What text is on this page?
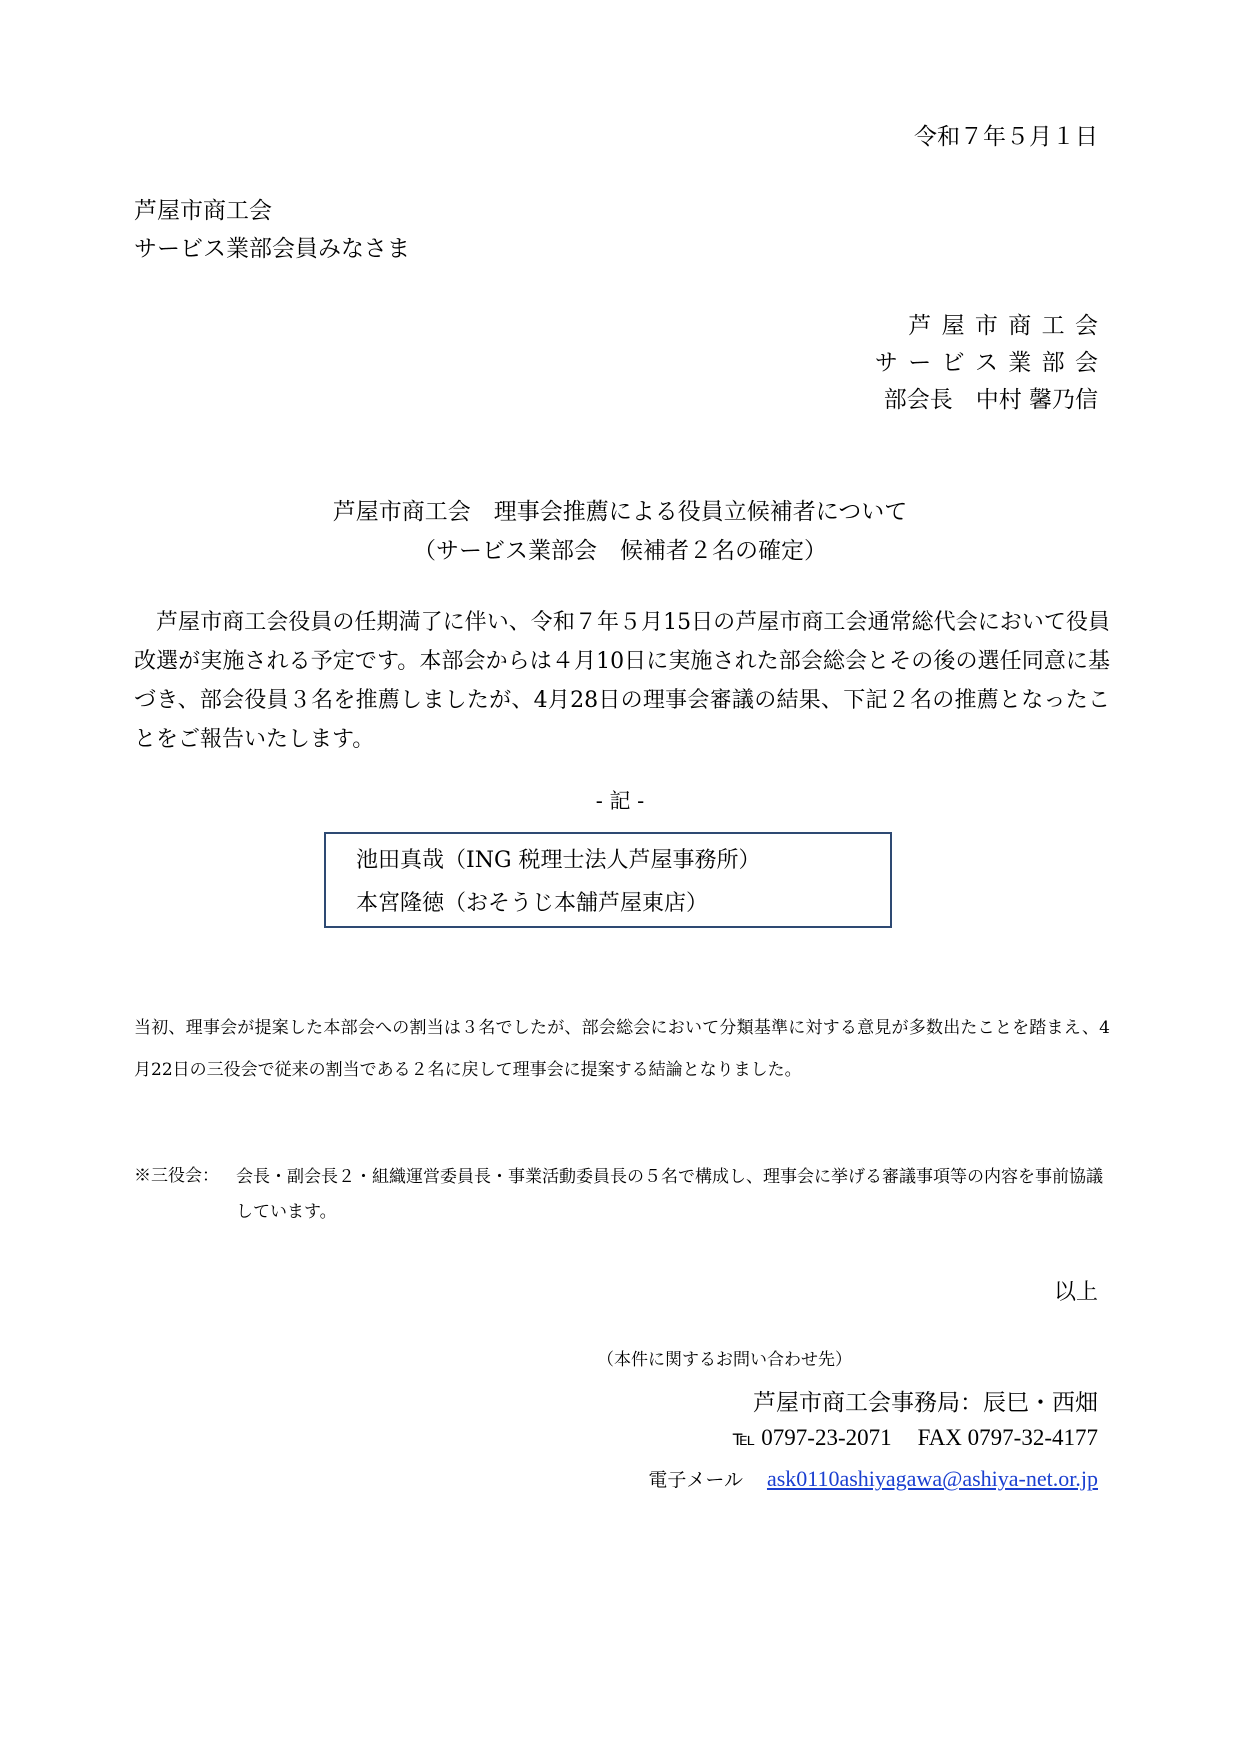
令和７年５月１日
芦屋市商工会
サービス業部会員みなさま
芦屋市商工会
サービス業部会
部会長　中村 馨乃信
芦屋市商工会　理事会推薦による役員立候補者について
（サービス業部会　候補者２名の確定）
芦屋市商工会役員の任期満了に伴い、令和７年５月15日の芦屋市商工会通常総代会において役員改選が実施される予定です。本部会からは４月10日に実施された部会総会とその後の選任同意に基づき、部会役員３名を推薦しましたが、4月28日の理事会審議の結果、下記２名の推薦となったことをご報告いたします。
- 記 -
池田真哉（ING 税理士法人芦屋事務所）
本宮隆徳（おそうじ本舗芦屋東店）
当初、理事会が提案した本部会への割当は３名でしたが、部会総会において分類基準に対する意見が多数出たことを踏まえ、4月22日の三役会で従来の割当である２名に戻して理事会に提案する結論となりました。
※三役会： 会長・副会長２・組織運営委員長・事業活動委員長の５名で構成し、理事会に挙げる審議事項等の内容を事前協議しています。
以上
（本件に関するお問い合わせ先）
芦屋市商工会事務局：辰巳・西畑
℡ 0797-23-2071 FAX 0797-32-4177
電子メール ask0110ashiyagawa@ashiya-net.or.jp
